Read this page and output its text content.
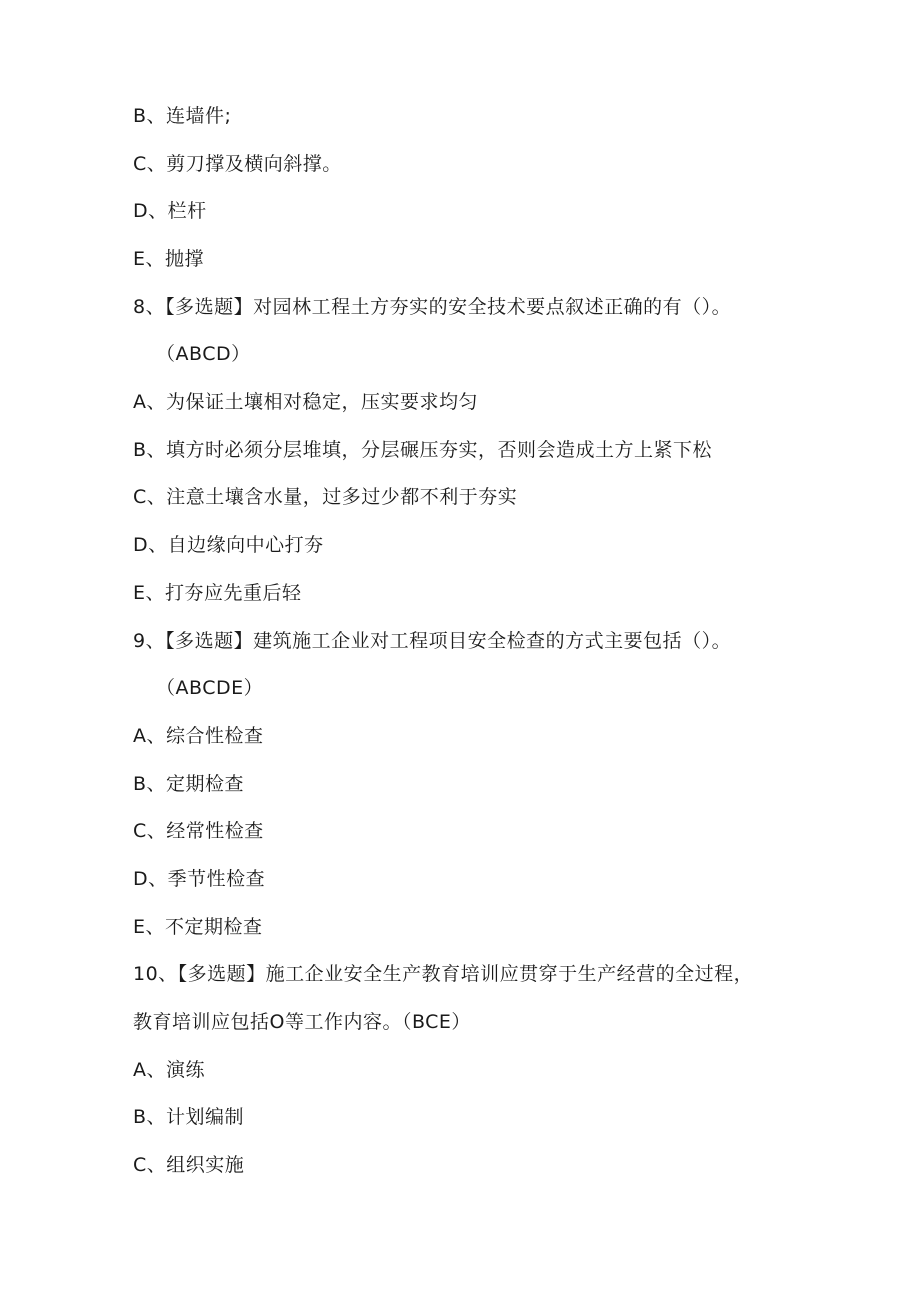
B、连墙件;
C、剪刀撑及横向斜撑。
D、栏杆
E、抛撑
8、【多选题】对园林工程土方夯实的安全技术要点叙述正确的有（）。
（ABCD）
A、为保证土壤相对稳定，压实要求均匀
B、填方时必须分层堆填，分层碾压夯实，否则会造成土方上紧下松
C、注意土壤含水量，过多过少都不利于夯实
D、自边缘向中心打夯
E、打夯应先重后轻
9、【多选题】建筑施工企业对工程项目安全检查的方式主要包括（）。
（ABCDE）
A、综合性检查
B、定期检查
C、经常性检查
D、季节性检查
E、不定期检查
10、【多选题】施工企业安全生产教育培训应贯穿于生产经营的全过程，
教育培训应包括O等工作内容。（BCE）
A、演练
B、计划编制
C、组织实施
